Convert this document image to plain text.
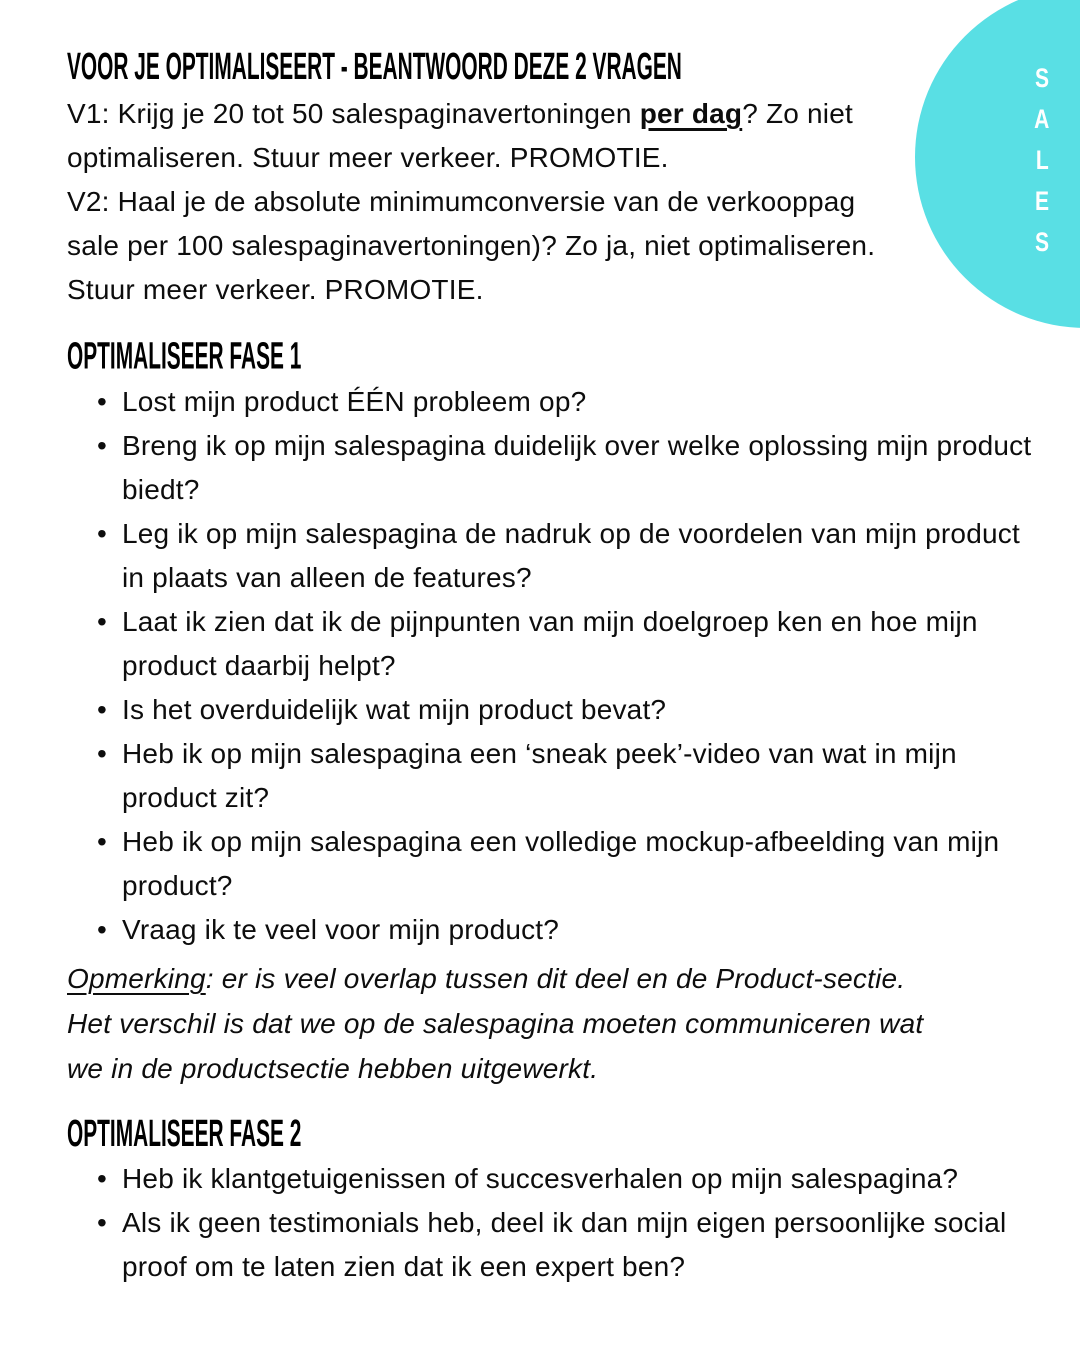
VOOR JE OPTIMALISEERT - BEANTWOORD DEZE 2 VRAGEN
V1: Krijg je 20 tot 50 salespaginavertoningen per dag? Zo niet
optimaliseren. Stuur meer verkeer. PROMOTIE.
V2: Haal je de absolute minimumconversie van de verkooppag
sale per 100 salespaginavertoningen)? Zo ja, niet optimaliseren.
Stuur meer verkeer. PROMOTIE.
OPTIMALISEER FASE 1
• Lost mijn product ÉÉN probleem op?
• Breng ik op mijn salespagina duidelijk over welke oplossing mijn product biedt?
• Leg ik op mijn salespagina de nadruk op de voordelen van mijn product in plaats van alleen de features?
• Laat ik zien dat ik de pijnpunten van mijn doelgroep ken en hoe mijn product daarbij helpt?
• Is het overduidelijk wat mijn product bevat?
• Heb ik op mijn salespagina een ‘sneak peek’-video van wat in mijn product zit?
• Heb ik op mijn salespagina een volledige mockup-afbeelding van mijn product?
• Vraag ik te veel voor mijn product?

Opmerking: er is veel overlap tussen dit deel en de Product-sectie.
Het verschil is dat we op de salespagina moeten communiceren wat
we in de productsectie hebben uitgewerkt.

OPTIMALISEER FASE 2
• Heb ik klantgetuigenissen of succesverhalen op mijn salespagina?
• Als ik geen testimonials heb, deel ik dan mijn eigen persoonlijke social proof om te laten zien dat ik een expert ben?
S
A
L
E
S
